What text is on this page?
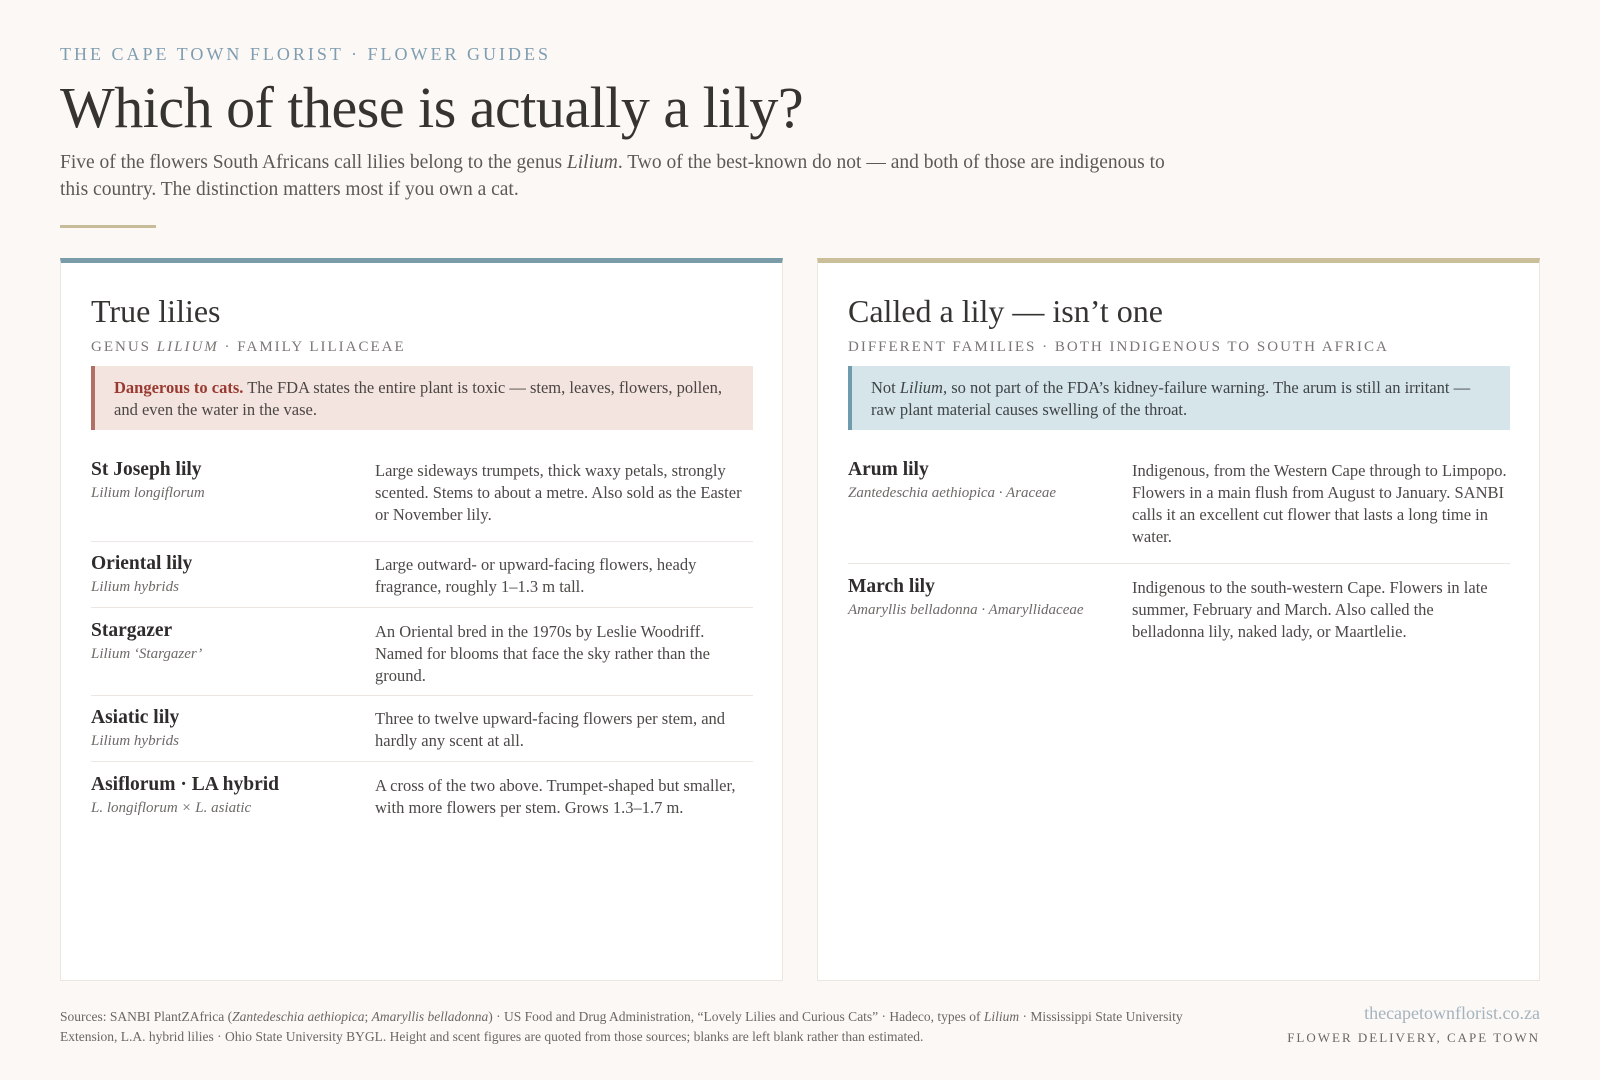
THE CAPE TOWN FLORIST · FLOWER GUIDES
Which of these is actually a lily?

Five of the flowers South Africans call lilies belong to the genus Lilium. Two of the best-known do not — and both of those are indigenous to this country. The distinction matters most if you own a cat.

True lilies
GENUS LILIUM · FAMILY LILIACEAE
Dangerous to cats. The FDA states the entire plant is toxic — stem, leaves, flowers, pollen, and even the water in the vase.
St Joseph lily
Lilium longiflorum
Large sideways trumpets, thick waxy petals, strongly scented. Stems to about a metre. Also sold as the Easter or November lily.
Oriental lily
Lilium hybrids
Large outward- or upward-facing flowers, heady fragrance, roughly 1–1.3 m tall.
Stargazer
Lilium ‘Stargazer’
An Oriental bred in the 1970s by Leslie Woodriff. Named for blooms that face the sky rather than the ground.
Asiatic lily
Lilium hybrids
Three to twelve upward-facing flowers per stem, and hardly any scent at all.
Asiflorum · LA hybrid
L. longiflorum × L. asiatic
A cross of the two above. Trumpet-shaped but smaller, with more flowers per stem. Grows 1.3–1.7 m.
Called a lily — isn’t one
DIFFERENT FAMILIES · BOTH INDIGENOUS TO SOUTH AFRICA
Not Lilium, so not part of the FDA’s kidney-failure warning. The arum is still an irritant — raw plant material causes swelling of the throat.
Arum lily
Zantedeschia aethiopica · Araceae
Indigenous, from the Western Cape through to Limpopo. Flowers in a main flush from August to January. SANBI calls it an excellent cut flower that lasts a long time in water.
March lily
Amaryllis belladonna · Amaryllidaceae
Indigenous to the south-western Cape. Flowers in late summer, February and March. Also called the belladonna lily, naked lady, or Maartlelie.

Sources: SANBI PlantZAfrica (Zantedeschia aethiopica; Amaryllis belladonna) · US Food and Drug Administration, “Lovely Lilies and Curious Cats” · Hadeco, types of Lilium · Mississippi State University Extension, L.A. hybrid lilies · Ohio State University BYGL. Height and scent figures are quoted from those sources; blanks are left blank rather than estimated.

thecapetownflorist.co.za
FLOWER DELIVERY, CAPE TOWN
